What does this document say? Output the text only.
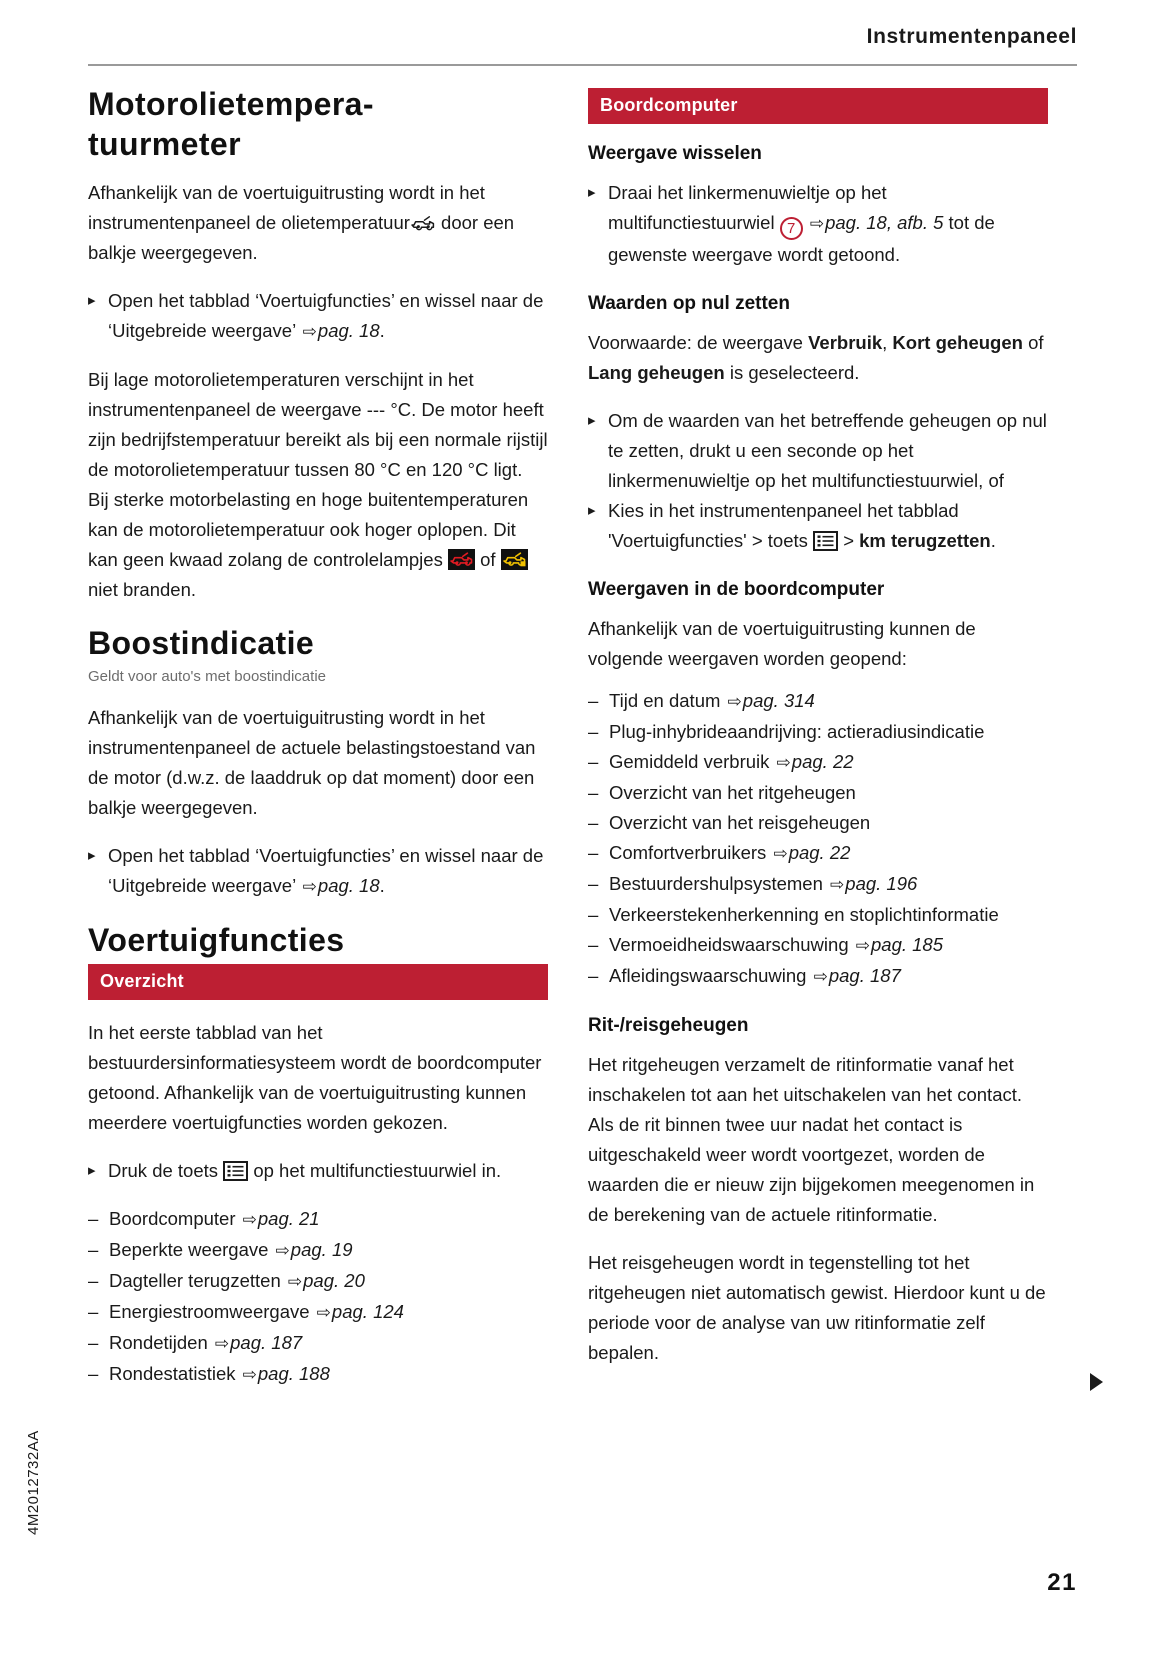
Instrumentenpaneel
Motorolietempera-
tuurmeter

Afhankelijk van de voertuiguitrusting wordt in het instrumentenpaneel de olietemperatuur door een balkje weergegeven.

▸ Open het tabblad ‘Voertuigfuncties’ en wissel naar de ‘Uitgebreide weergave’ ⇨pag. 18.

Bij lage motorolietemperaturen verschijnt in het instrumentenpaneel de weergave --- °C. De motor heeft zijn bedrijfstemperatuur bereikt als bij een normale rijstijl de motorolietemperatuur tussen 80 °C en 120 °C ligt. Bij sterke motorbelasting en hoge buitentemperaturen kan de motorolietemperatuur ook hoger oplopen. Dit kan geen kwaad zolang de controlelampjes of
niet branden.

Boostindicatie

Geldt voor auto's met boostindicatie

Afhankelijk van de voertuiguitrusting wordt in het instrumentenpaneel de actuele belastingstoestand van de motor (d.w.z. de laaddruk op dat moment) door een balkje weergegeven.

▸ Open het tabblad ‘Voertuigfuncties’ en wissel naar de ‘Uitgebreide weergave’ ⇨pag. 18.
Voertuigfuncties
Overzicht

In het eerste tabblad van het bestuurdersinformatiesysteem wordt de boordcomputer getoond. Afhankelijk van de voertuiguitrusting kunnen meerdere voertuigfuncties worden gekozen.

▸ Druk de toets op het multifunctiestuurwiel in.
– Boordcomputer ⇨pag. 21
– Beperkte weergave ⇨pag. 19
– Dagteller terugzetten ⇨pag. 20
– Energiestroomweergave ⇨pag. 124
– Rondetijden ⇨pag. 187
– Rondestatistiek ⇨pag. 188
Boordcomputer
Weergave wisselen
▸ Draai het linkermenuwieltje op het multifunctiestuurwiel 7 ⇨pag. 18, afb. 5 tot de gewenste weergave wordt getoond.
Waarden op nul zetten

Voorwaarde: de weergave Verbruik, Kort geheugen of Lang geheugen is geselecteerd.

▸ Om de waarden van het betreffende geheugen op nul te zetten, drukt u een seconde op het linkermenuwieltje op het multifunctiestuurwiel, of
▸ Kies in het instrumentenpaneel het tabblad 'Voertuigfuncties' > toets > km terugzetten.
Weergaven in de boordcomputer

Afhankelijk van de voertuiguitrusting kunnen de volgende weergaven worden geopend:

– Tijd en datum ⇨pag. 314
– Plug-inhybrideaandrijving: actieradiusindicatie
– Gemiddeld verbruik ⇨pag. 22
– Overzicht van het ritgeheugen
– Overzicht van het reisgeheugen
– Comfortverbruikers ⇨pag. 22
– Bestuurdershulpsystemen ⇨pag. 196
– Verkeerstekenherkenning en stoplichtinformatie
– Vermoeidheidswaarschuwing ⇨pag. 185
– Afleidingswaarschuwing ⇨pag. 187
Rit-/reisgeheugen

Het ritgeheugen verzamelt de ritinformatie vanaf het inschakelen tot aan het uitschakelen van het contact. Als de rit binnen twee uur nadat het contact is uitgeschakeld weer wordt voortgezet, worden de waarden die er nieuw zijn bijgekomen meegenomen in de berekening van de actuele ritinformatie.

Het reisgeheugen wordt in tegenstelling tot het ritgeheugen niet automatisch gewist. Hierdoor kunt u de periode voor de analyse van uw ritinformatie zelf bepalen.

4M2012732AA
21
